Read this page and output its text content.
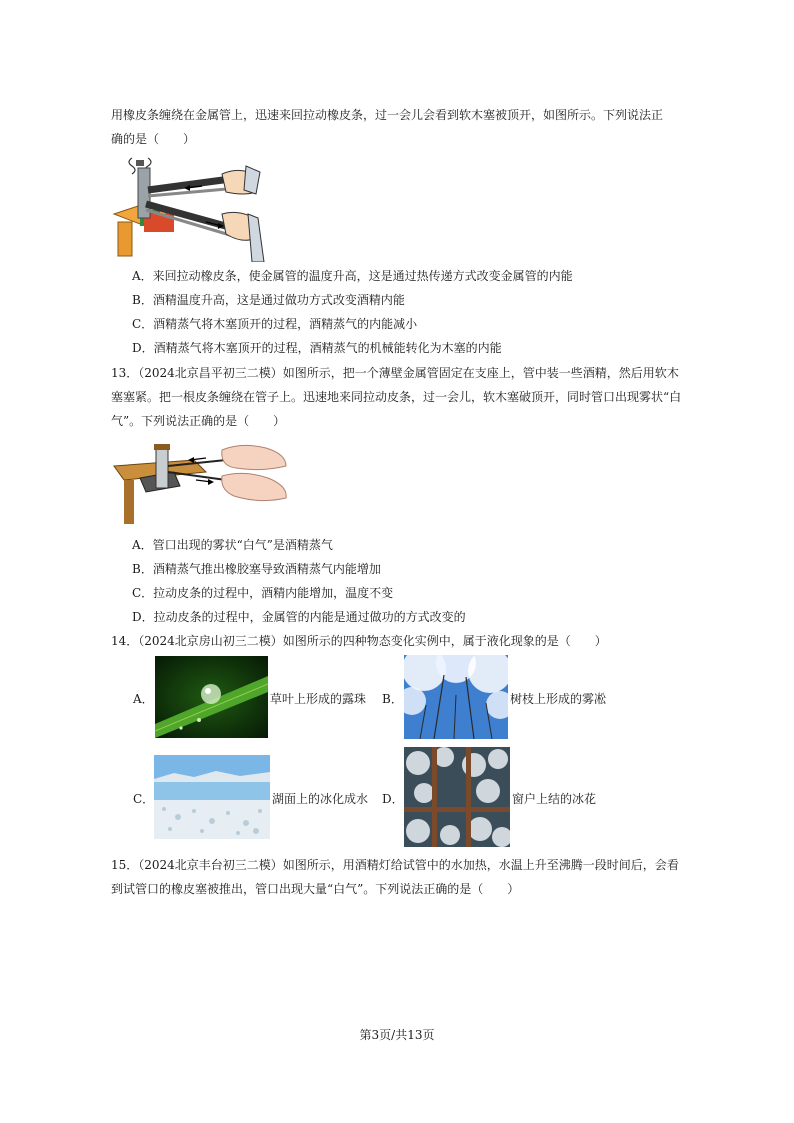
用橡皮条缠绕在金属管上，迅速来回拉动橡皮条，过一会儿会看到软木塞被顶开，如图所示。下列说法正
确的是（　　）
A．来回拉动橡皮条，使金属管的温度升高，这是通过热传递方式改变金属管的内能
B．酒精温度升高，这是通过做功方式改变酒精内能
C．酒精蒸气将木塞顶开的过程，酒精蒸气的内能减小
D．酒精蒸气将木塞顶开的过程，酒精蒸气的机械能转化为木塞的内能
13．（2024北京昌平初三二模）如图所示，把一个薄壁金属管固定在支座上，管中装一些酒精，然后用软木
塞塞紧。把一根皮条缠绕在管子上。迅速地来同拉动皮条，过一会儿，软木塞破顶开，同时管口出现雾状“白
气”。下列说法正确的是（　　）
A．管口出现的雾状“白气”是酒精蒸气
B．酒精蒸气推出橡胶塞导致酒精蒸气内能增加
C．拉动皮条的过程中，酒精内能增加，温度不变
D．拉动皮条的过程中，金属管的内能是通过做功的方式改变的
14．（2024北京房山初三二模）如图所示的四种物态变化实例中，属于液化现象的是（　　）
A．	草叶上形成的露珠 B．	树枝上形成的雾凇
C．	湖面上的冰化成水 D．	窗户上结的冰花
15．（2024北京丰台初三二模）如图所示，用酒精灯给试管中的水加热，水温上升至沸腾一段时间后，会看
到试管口的橡皮塞被推出，管口出现大量“白气”。下列说法正确的是（　　）
第3页/共13页
